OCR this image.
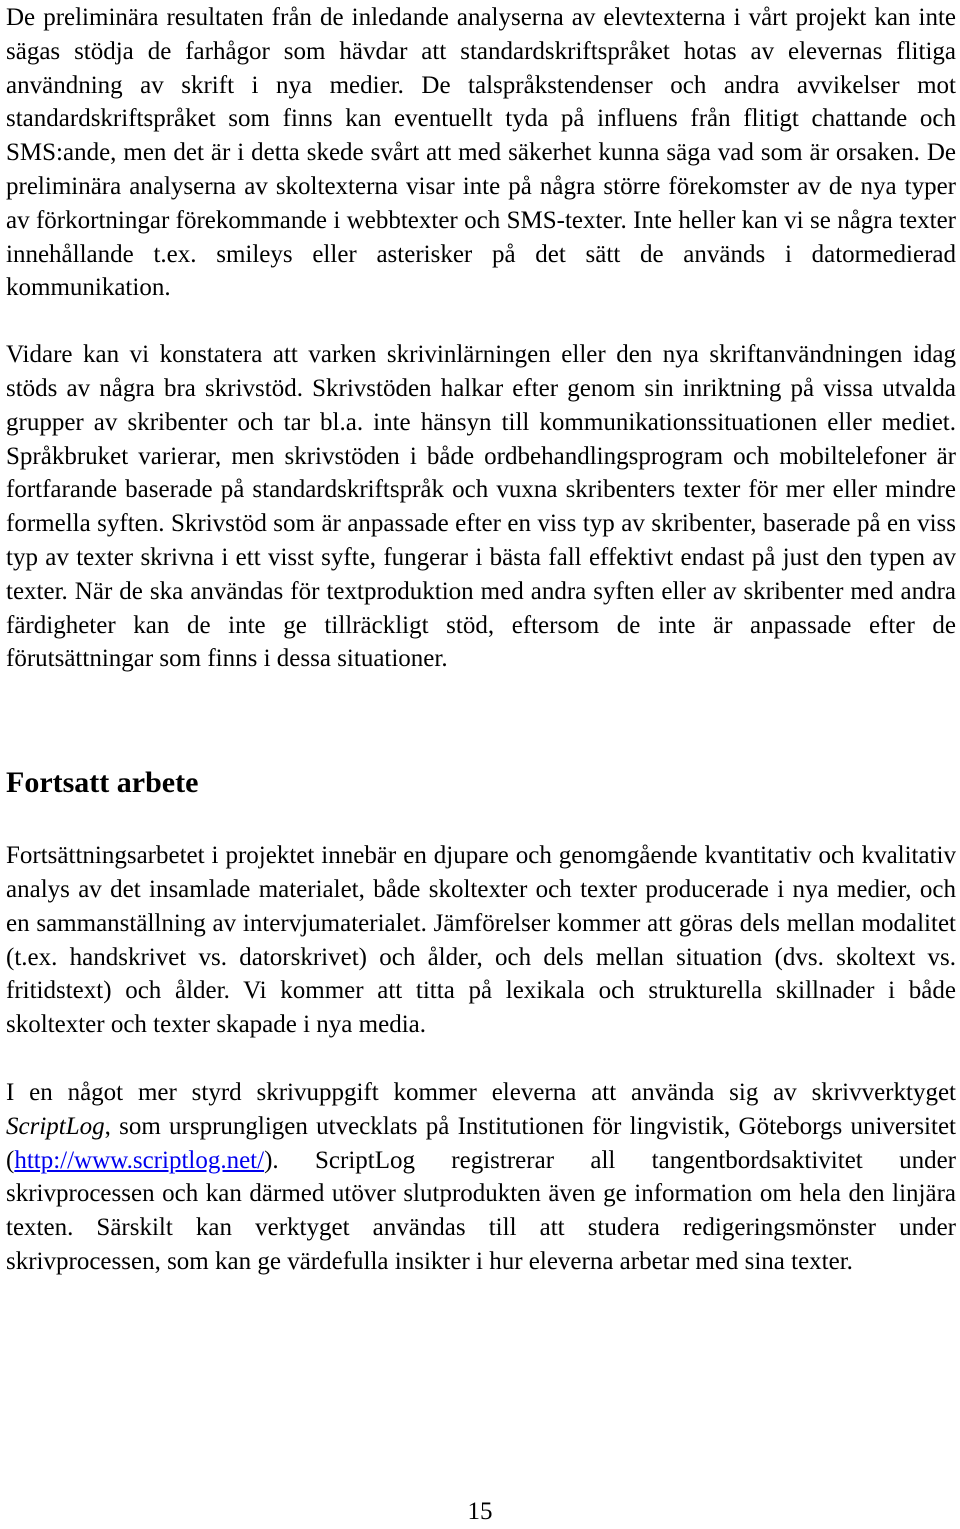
De preliminära resultaten från de inledande analyserna av elevtexterna i vårt projekt kan inte sägas stödja de farhågor som hävdar att standardskriftspråket hotas av elevernas flitiga användning av skrift i nya medier. De talspråkstendenser och andra avvikelser mot standardskriftspråket som finns kan eventuellt tyda på influens från flitigt chattande och SMS:ande, men det är i detta skede svårt att med säkerhet kunna säga vad som är orsaken. De preliminära analyserna av skoltexterna visar inte på några större förekomster av de nya typer av förkortningar förekommande i webbtexter och SMS-texter. Inte heller kan vi se några texter innehållande t.ex. smileys eller asterisker på det sätt de används i datormedierad kommunikation.

Vidare kan vi konstatera att varken skrivinlärningen eller den nya skriftanvändningen idag stöds av några bra skrivstöd. Skrivstöden halkar efter genom sin inriktning på vissa utvalda grupper av skribenter och tar bl.a. inte hänsyn till kommunikationssituationen eller mediet. Språkbruket varierar, men skrivstöden i både ordbehandlingsprogram och mobiltelefoner är fortfarande baserade på standardskriftspråk och vuxna skribenters texter för mer eller mindre formella syften. Skrivstöd som är anpassade efter en viss typ av skribenter, baserade på en viss typ av texter skrivna i ett visst syfte, fungerar i bästa fall effektivt endast på just den typen av texter. När de ska användas för textproduktion med andra syften eller av skribenter med andra färdigheter kan de inte ge tillräckligt stöd, eftersom de inte är anpassade efter de förutsättningar som finns i dessa situationer.

Fortsatt arbete

Fortsättningsarbetet i projektet innebär en djupare och genomgående kvantitativ och kvalitativ analys av det insamlade materialet, både skoltexter och texter producerade i nya medier, och en sammanställning av intervjumaterialet. Jämförelser kommer att göras dels mellan modalitet (t.ex. handskrivet vs. datorskrivet) och ålder, och dels mellan situation (dvs. skoltext vs. fritidstext) och ålder. Vi kommer att titta på lexikala och strukturella skillnader i både skoltexter och texter skapade i nya media.

I en något mer styrd skrivuppgift kommer eleverna att använda sig av skrivverktyget ScriptLog, som ursprungligen utvecklats på Institutionen för lingvistik, Göteborgs universitet (http://www.scriptlog.net/). ScriptLog registrerar all tangentbordsaktivitet under skrivprocessen och kan därmed utöver slutprodukten även ge information om hela den linjära texten. Särskilt kan verktyget användas till att studera redigeringsmönster under skrivprocessen, som kan ge värdefulla insikter i hur eleverna arbetar med sina texter.

15
